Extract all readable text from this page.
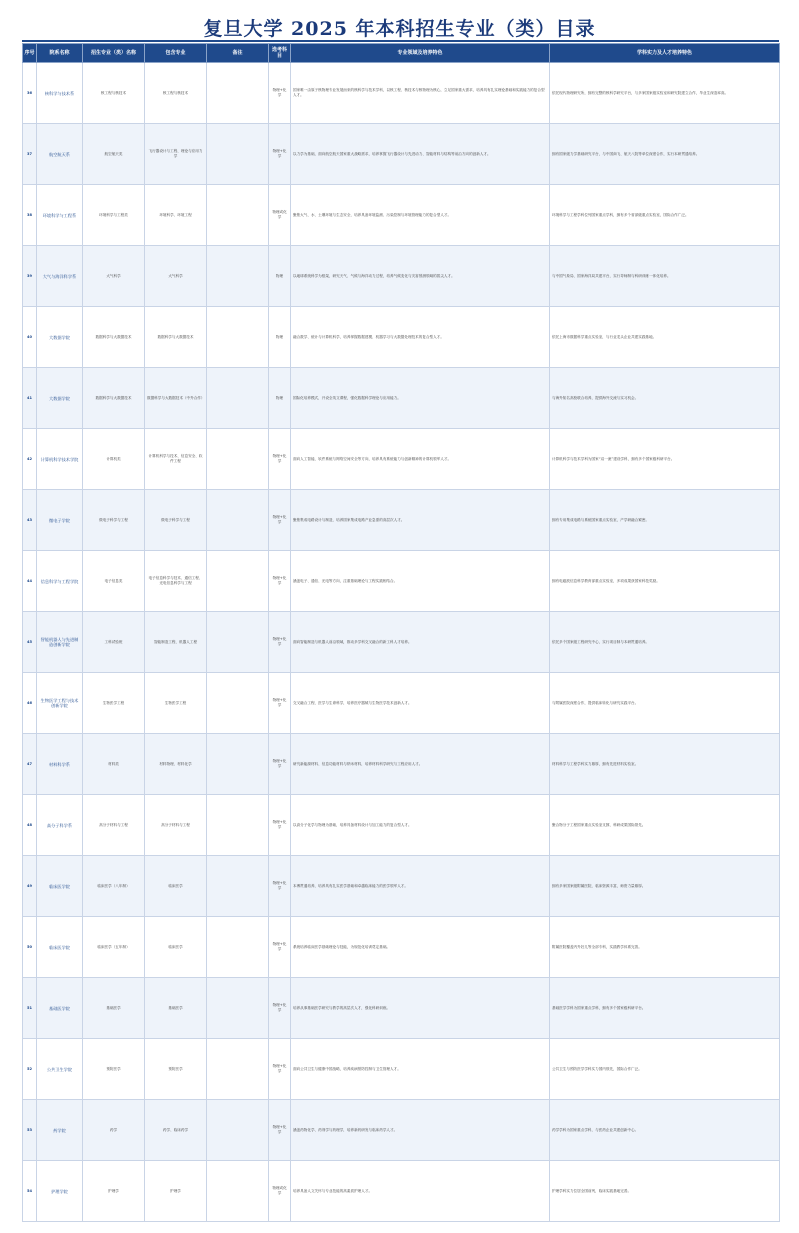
复旦大学 2025 年本科招生专业（类）目录
序号	院系名称	招生专业（类）名称	包含专业	备注	选考科目	专业领域及培养特色	学科实力及人才培养特色
36	核科学与技术系	核工程与核技术	核工程与核技术		物理+化学	国家唯一由原子核物理专业发展而来的核科学与技术学科，以核工程、核技术与核物理为核心，立足国家重大需求，培养具有扎实理论基础和实践能力的复合型人才。	依托现代物理研究所，拥有完整的核科学研究平台，与多家国家级实验室和研究院建立合作，毕业生深造率高。
37	航空航天系	航空航天类	飞行器设计与工程、理论与应用力学		物理+化学	以力学为基础，面向航空航天国家重大战略需求，培养掌握飞行器设计与先进动力、智能材料与结构等前沿方向的创新人才。	拥有国家级力学基础研究平台，与中国商飞、航天八院等单位深度合作，实行本研贯通培养。
38	环境科学与工程系	环境科学与工程类	环境科学、环境工程		物理或化学	聚焦大气、水、土壤环境与生态安全，培养具备环境监测、污染控制与环境管理能力的复合型人才。	环境科学与工程学科位列国家重点学科，拥有多个省部级重点实验室，国际合作广泛。
39	大气与海洋科学系	大气科学	大气科学		物理	以地球系统科学为框架，研究天气、气候与海洋动力过程，培养气候变化与灾害预测领域的拔尖人才。	与中国气象局、国家海洋局共建平台，实行导师制与科研训练一体化培养。
40	大数据学院	数据科学与大数据技术	数据科学与大数据技术		物理	融合数学、统计与计算机科学，培养掌握数据建模、机器学习与大数据处理技术的复合型人才。	依托上海市数据科学重点实验室，与行业龙头企业共建实践基地。
41	大数据学院	数据科学与大数据技术	数据科学与大数据技术（中外合作）		物理	国际化培养模式，开设全英文课程，强化数据科学理论与应用能力。	与海外知名高校联合培养，提供海外交流与实习机会。
42	计算机科学技术学院	计算机类	计算机科学与技术、信息安全、软件工程		物理+化学	面向人工智能、软件系统与网络空间安全等方向，培养具有系统能力与创新精神的计算机领军人才。	计算机科学与技术学科为国家“双一流”建设学科，拥有多个国家级科研平台。
43	微电子学院	微电子科学与工程	微电子科学与工程		物理+化学	聚焦集成电路设计与制造，培养国家集成电路产业急需的高层次人才。	拥有专用集成电路与系统国家重点实验室，产学研融合紧密。
44	信息科学与工程学院	电子信息类	电子信息科学与技术、通信工程、光电信息科学与工程		物理+化学	涵盖电子、通信、光电等方向，注重基础理论与工程实践相结合。	拥有电磁波信息科学教育部重点实验室，多项成果获国家科技奖励。
45	智能机器人与先进制造创新学院	工科试验班	智能制造工程、机器人工程		物理+化学	面向智能制造与机器人前沿领域，推动多学科交叉融合的新工科人才培养。	依托多个国家级工程研究中心，实行项目制与本研贯通培养。
46	生物医学工程与技术创新学院	生物医学工程	生物医学工程		物理+化学	交叉融合工程、医学与生命科学，培养医疗器械与生物医学技术创新人才。	与附属医院深度合作，提供临床转化与研究实践平台。
47	材料科学系	材料类	材料物理、材料化学		物理+化学	研究新能源材料、信息功能材料与纳米材料，培养材料科学研究与工程应用人才。	材料科学与工程学科实力雄厚，拥有先进材料实验室。
48	高分子科学系	高分子材料与工程	高分子材料与工程		物理+化学	以高分子化学与物理为基础，培养具备材料设计与加工能力的复合型人才。	聚合物分子工程国家重点实验室支撑，科研成果国际领先。
49	临床医学院	临床医学（八年制）	临床医学		物理+化学	本博贯通培养，培养具有扎实医学基础和卓越临床能力的医学领军人才。	拥有多家国家级附属医院，临床资源丰富，师资力量雄厚。
50	临床医学院	临床医学（五年制）	临床医学		物理+化学	系统培养临床医学基础理论与技能，为规范化培训奠定基础。	附属医院覆盖内外妇儿等全部专科，实践教学体系完善。
51	基础医学院	基础医学	基础医学		物理+化学	培养从事基础医学研究与教学的高层次人才，强化科研训练。	基础医学学科为国家重点学科，拥有多个国家级科研平台。
52	公共卫生学院	预防医学	预防医学		物理+化学	面向公共卫生与健康中国战略，培养疾病预防控制与卫生管理人才。	公共卫生与预防医学学科实力国内领先，国际合作广泛。
53	药学院	药学	药学、临床药学		物理+化学	涵盖药物化学、药剂学与药理学，培养新药研发与临床药学人才。	药学学科为国家重点学科，与医药企业共建创新中心。
54	护理学院	护理学	护理学		物理或化学	培养具备人文关怀与专业技能的高素质护理人才。	护理学科实力位居全国前列，临床实践基地完善。
